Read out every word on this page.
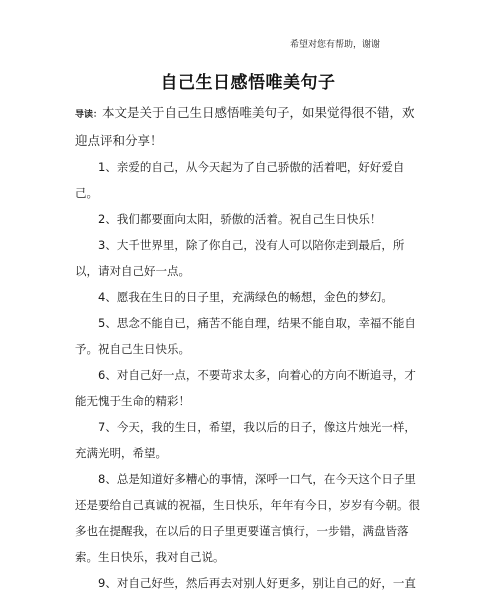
希望对您有帮助，谢谢
自己生日感悟唯美句子

导读：本文是关于自己生日感悟唯美句子，如果觉得很不错，欢迎点评和分享！

1、亲爱的自己，从今天起为了自己骄傲的活着吧，好好爱自己。

2、我们都要面向太阳，骄傲的活着。祝自己生日快乐！

3、大千世界里，除了你自己，没有人可以陪你走到最后，所以，请对自己好一点。

4、愿我在生日的日子里，充满绿色的畅想，金色的梦幻。

5、思念不能自已，痛苦不能自理，结果不能自取，幸福不能自予。祝自己生日快乐。

6、对自己好一点，不要苛求太多，向着心的方向不断追寻，才能无愧于生命的精彩！

7、今天，我的生日，希望，我以后的日子，像这片烛光一样，充满光明，希望。

8、总是知道好多糟心的事情，深呼一口气，在今天这个日子里还是要给自己真诚的祝福，生日快乐，年年有今日，岁岁有今朝。很多也在提醒我，在以后的日子里更要谨言慎行，一步错，满盘皆落索。生日快乐，我对自己说。

9、对自己好些，然后再去对别人好更多，别让自己的好，一直
